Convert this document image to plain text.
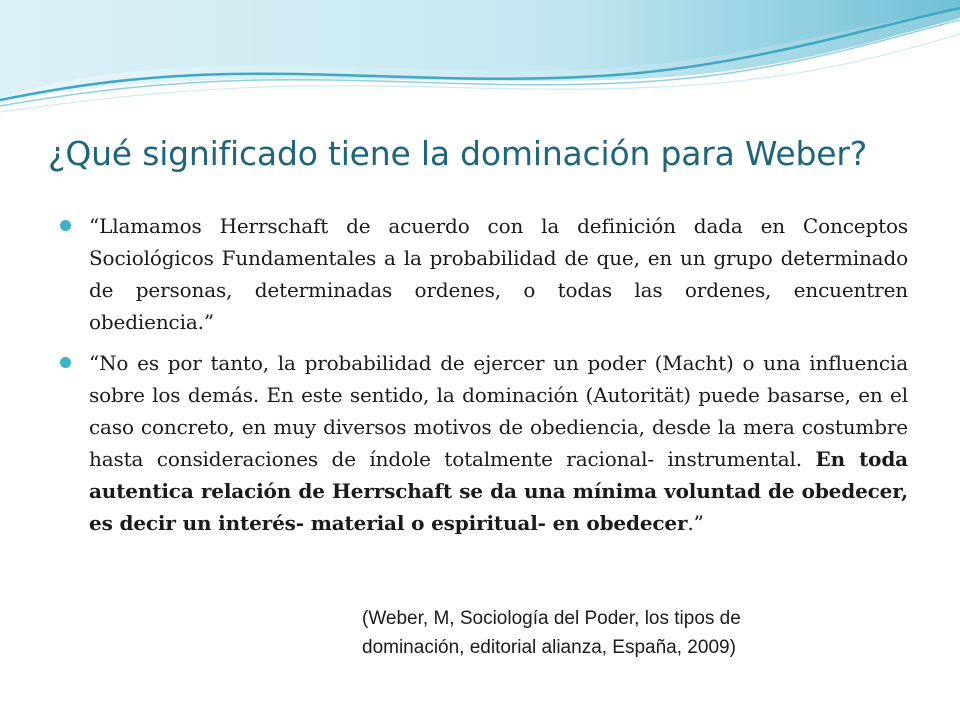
¿Qué significado tiene la dominación para Weber?
“Llamamos Herrschaft de acuerdo con la definición dada en Conceptos Sociológicos Fundamentales a la probabilidad de que, en un grupo determinado de personas, determinadas ordenes, o todas las ordenes, encuentren obediencia.”
“No es por tanto, la probabilidad de ejercer un poder (Macht) o una influencia sobre los demás. En este sentido, la dominación (Autorität) puede basarse, en el caso concreto, en muy diversos motivos de obediencia, desde la mera costumbre hasta consideraciones de índole totalmente racional- instrumental. En toda autentica relación de Herrschaft se da una mínima voluntad de obedecer, es decir un interés- material o espiritual- en obedecer.”
(Weber, M, Sociología del Poder, los tipos de
dominación, editorial alianza, España, 2009)
